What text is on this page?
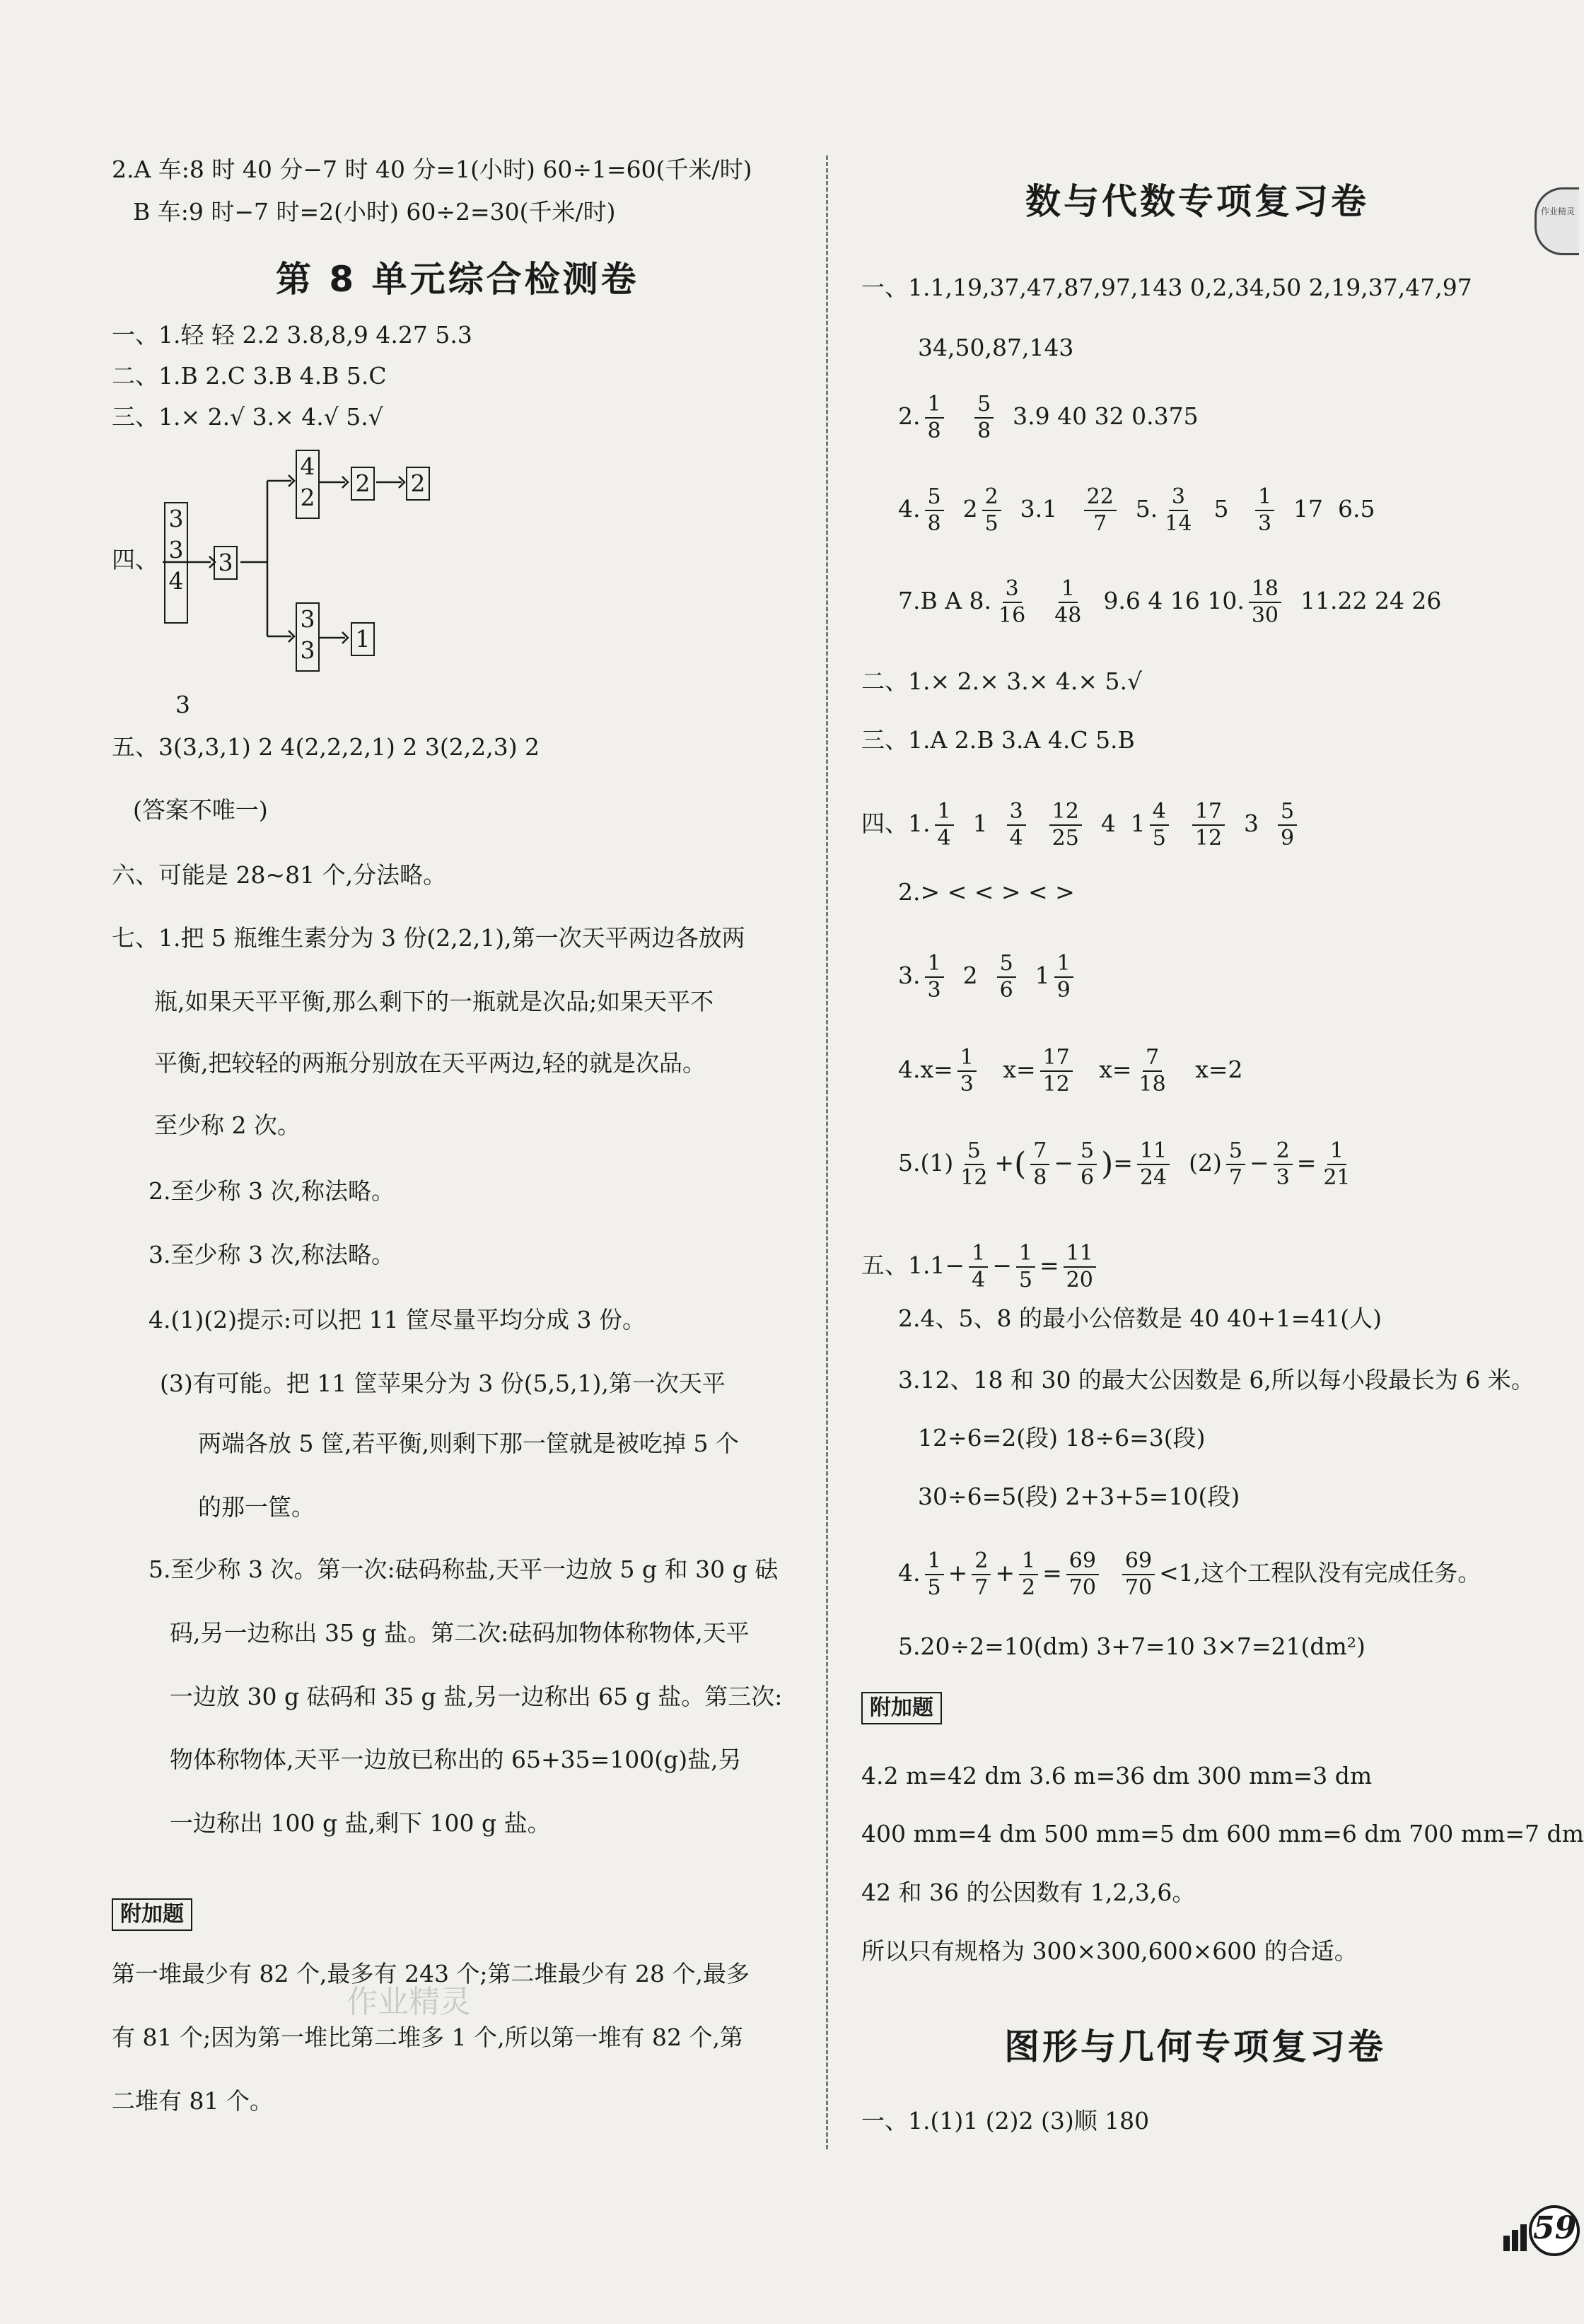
2.A 车:8 时 40 分−7 时 40 分=1(小时) 60÷1=60(千米/时)
B 车:9 时−7 时=2(小时) 60÷2=30(千米/时)
第 8 单元综合检测卷
一、1.轻 轻 2.2 3.8,8,9 4.27 5.3
二、1.B 2.C 3.B 4.B 5.C
三、1.× 2.√ 3.× 4.√ 5.√
四、
3
3
4
3
4
2
2 2
3
3 1
3
五、3(3,3,1) 2 4(2,2,2,1) 2 3(2,2,3) 2
(答案不唯一)
六、可能是 28~81 个,分法略。
七、1.把 5 瓶维生素分为 3 份(2,2,1),第一次天平两边各放两
瓶,如果天平平衡,那么剩下的一瓶就是次品;如果天平不
平衡,把较轻的两瓶分别放在天平两边,轻的就是次品。
至少称 2 次。
2.至少称 3 次,称法略。
3.至少称 3 次,称法略。
4.(1)(2)提示:可以把 11 筐尽量平均分成 3 份。
(3)有可能。把 11 筐苹果分为 3 份(5,5,1),第一次天平
两端各放 5 筐,若平衡,则剩下那一筐就是被吃掉 5 个
的那一筐。
5.至少称 3 次。第一次:砝码称盐,天平一边放 5 g 和 30 g 砝
码,另一边称出 35 g 盐。第二次:砝码加物体称物体,天平
一边放 30 g 砝码和 35 g 盐,另一边称出 65 g 盐。第三次:
物体称物体,天平一边放已称出的 65+35=100(g)盐,另
一边称出 100 g 盐,剩下 100 g 盐。
附加题
第一堆最少有 82 个,最多有 243 个;第二堆最少有 28 个,最多
有 81 个;因为第一堆比第二堆多 1 个,所以第一堆有 82 个,第
二堆有 81 个。
作业精灵
数与代数专项复习卷
一、1.1,19,37,47,87,97,143 0,2,34,50 2,19,37,47,97
34,50,87,143
2. $\frac{1}{8}$
$\frac{5}{8} 3.9$ 40 32 0.375
4. $\frac{5}{8} 2 \frac{2}{5} 3.1 \frac{22}{7} 5$. $\frac{3}{14} 5 \frac{1}{3} 17$ 6.5
7.B A 8. $\frac{3}{16}$
$\frac{1}{48} 9.6$ 4 16 10. $\frac{18}{30} 11.22$ 24 26
二、1.× 2.× 3.× 4.× 5.√
三、1.A 2.B 3.A 4.C 5.B
四、1. $\frac{1}{4} 1 \frac{3}{4}$
$\frac{12}{25} 4$ $1 \frac{4}{5}$
$\frac{17}{12} 3 \frac{5}{9}$
2.> < < > < >
3. $\frac{1}{3} 2 \frac{5}{6} 1 \frac{1}{9}$
$4.x= \frac{1}{3} x= \frac{17}{12} x= \frac{7}{18} x=2$
$5.(1) \frac{5}{12}$ +( $\frac{7}{8} - \frac{5}{6}$ )= $\frac{11}{24} (2) \frac{5}{7} - \frac{2}{3} = \frac{1}{21}$
五、$1.1- \frac{1}{4} - \frac{1}{5} = \frac{11}{20}$
2.4、5、8 的最小公倍数是 40 40+1=41(人)
3.12、18 和 30 的最大公因数是 6,所以每小段最长为 6 米。
12÷6=2(段) 18÷6=3(段)
30÷6=5(段) 2+3+5=10(段)
4. $\frac{1}{5} + \frac{2}{7} + \frac{1}{2} = \frac{69}{70}$
$\frac{69}{70} <1$,这个工程队没有完成任务。
5.20÷2=10(dm) 3+7=10 3×7=21(dm²)
附加题
4.2 m=42 dm 3.6 m=36 dm 300 mm=3 dm
400 mm=4 dm 500 mm=5 dm 600 mm=6 dm 700 mm=7 dm
42 和 36 的公因数有 1,2,3,6。
所以只有规格为 300×300,600×600 的合适。
图形与几何专项复习卷
一、1.(1)1 (2)2 (3)顺 180
作业精灵
59
